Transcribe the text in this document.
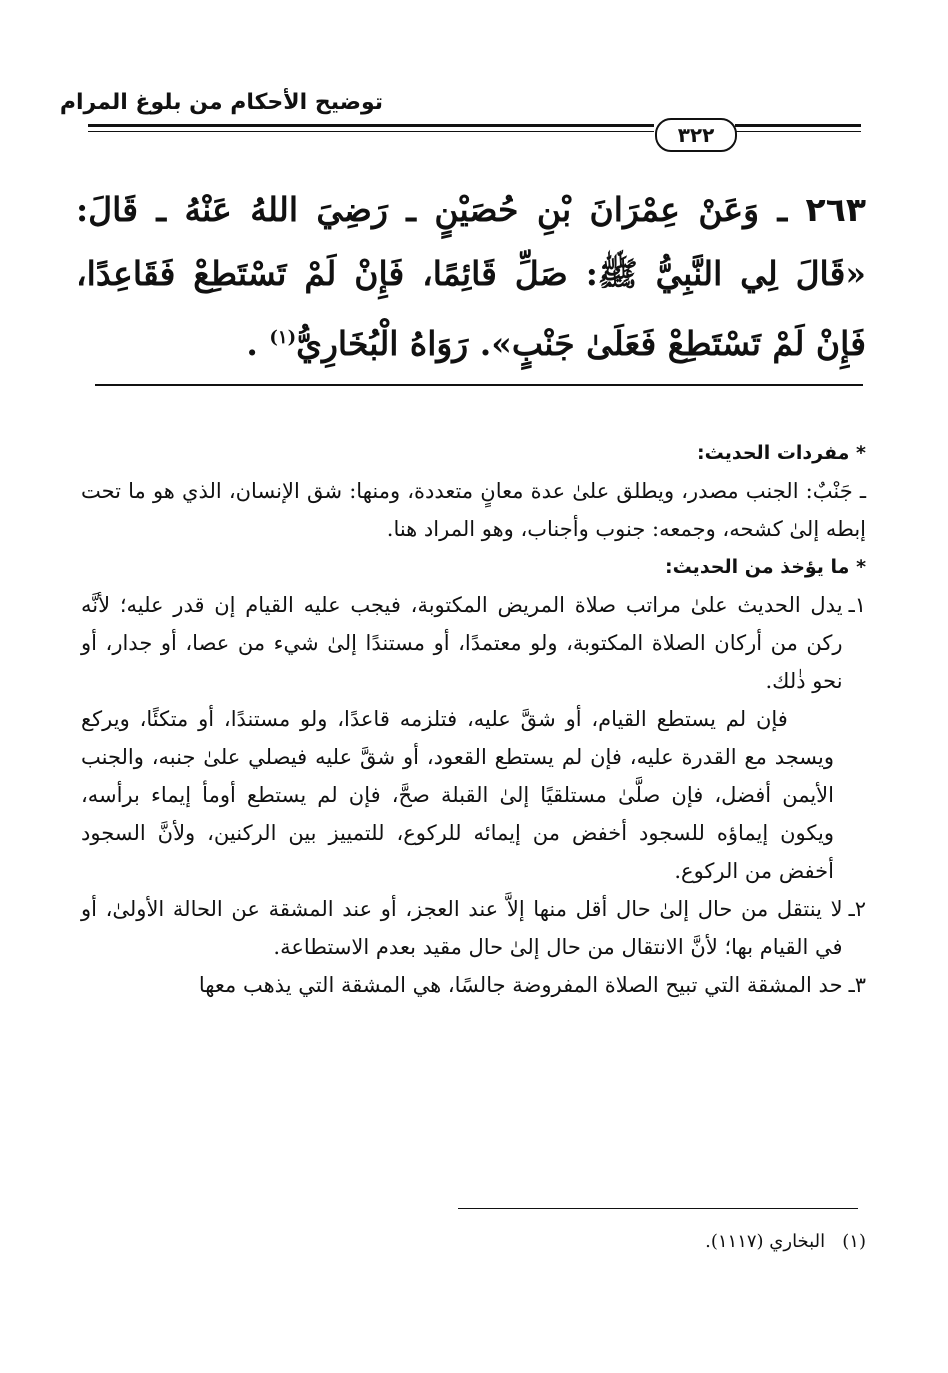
توضيح الأحكام من بلوغ المرام
٣٢٢
٢٦٣ ـ وَعَنْ عِمْرَانَ بْنِ حُصَيْنٍ ـ رَضِيَ اللهُ عَنْهُ ـ قَالَ: «قَالَ لِي النَّبِيُّ ﷺ: صَلِّ قَائِمًا، فَإِنْ لَمْ تَسْتَطِعْ فَقَاعِدًا، فَإِنْ لَمْ تَسْتَطِعْ فَعَلَىٰ جَنْبٍ». رَوَاهُ الْبُخَارِيُّ$^{(١)}$ .
* مفردات الحديث:
ـ جَنْبٌ: الجنب مصدر، ويطلق علىٰ عدة معانٍ متعددة، ومنها: شق الإنسان، الذي هو ما تحت إبطه إلىٰ كشحه، وجمعه: جنوب وأجناب، وهو المراد هنا.
* ما يؤخذ من الحديث:
١ـ
يدل الحديث علىٰ مراتب صلاة المريض المكتوبة، فيجب عليه القيام إن قدر عليه؛ لأنَّه ركن من أركان الصلاة المكتوبة، ولو معتمدًا، أو مستندًا إلىٰ شيء من عصا، أو جدار، أو نحو ذٰلك.
فإن لم يستطع القيام، أو شقَّ عليه، فتلزمه قاعدًا، ولو مستندًا، أو متكئًا، ويركع ويسجد مع القدرة عليه، فإن لم يستطع القعود، أو شقَّ عليه فيصلي علىٰ جنبه، والجنب الأيمن أفضل، فإن صلَّىٰ مستلقيًا إلىٰ القبلة صحَّ، فإن لم يستطع أومأ إيماء برأسه، ويكون إيماؤه للسجود أخفض من إيمائه للركوع، للتمييز بين الركنين، ولأنَّ السجود أخفض من الركوع.
٢ـ
لا ينتقل من حال إلىٰ حال أقل منها إلاَّ عند العجز، أو عند المشقة عن الحالة الأولىٰ، أو في القيام بها؛ لأنَّ الانتقال من حال إلىٰ حال مقيد بعدم الاستطاعة.
٣ـ
حد المشقة التي تبيح الصلاة المفروضة جالسًا، هي المشقة التي يذهب معها
(١)   البخاري (١١١٧).
